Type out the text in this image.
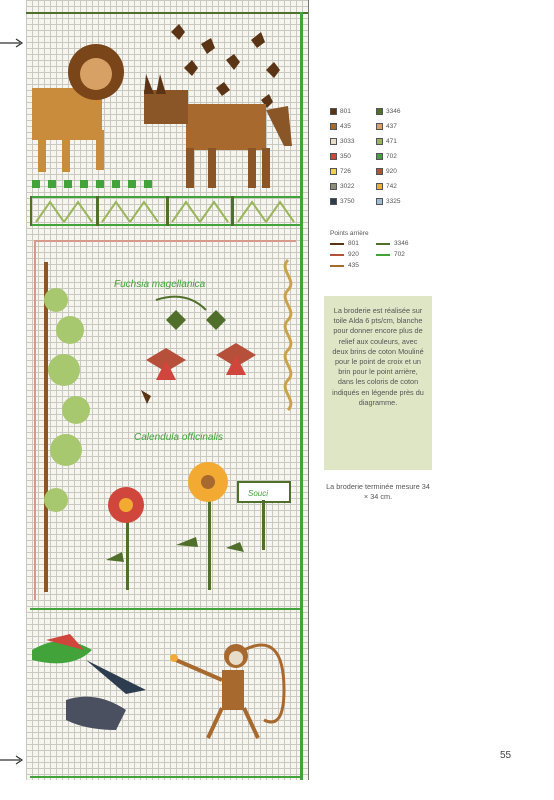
Fuchsia magellanica
Calendula officinalis
Souci
801	3346
435	437
3033	471
350	702
726	920
3022	742
3750	3325
Points arrière
801	3346
920	702
435
La broderie est réalisée sur toile Alda 6 pts/cm, blanche pour donner encore plus de relief aux couleurs, avec deux brins de coton Mouliné pour le point de croix et un brin pour le point arrière, dans les coloris de coton indiqués en légende près du diagramme.
La broderie terminée mesure 34 × 34 cm.
55
